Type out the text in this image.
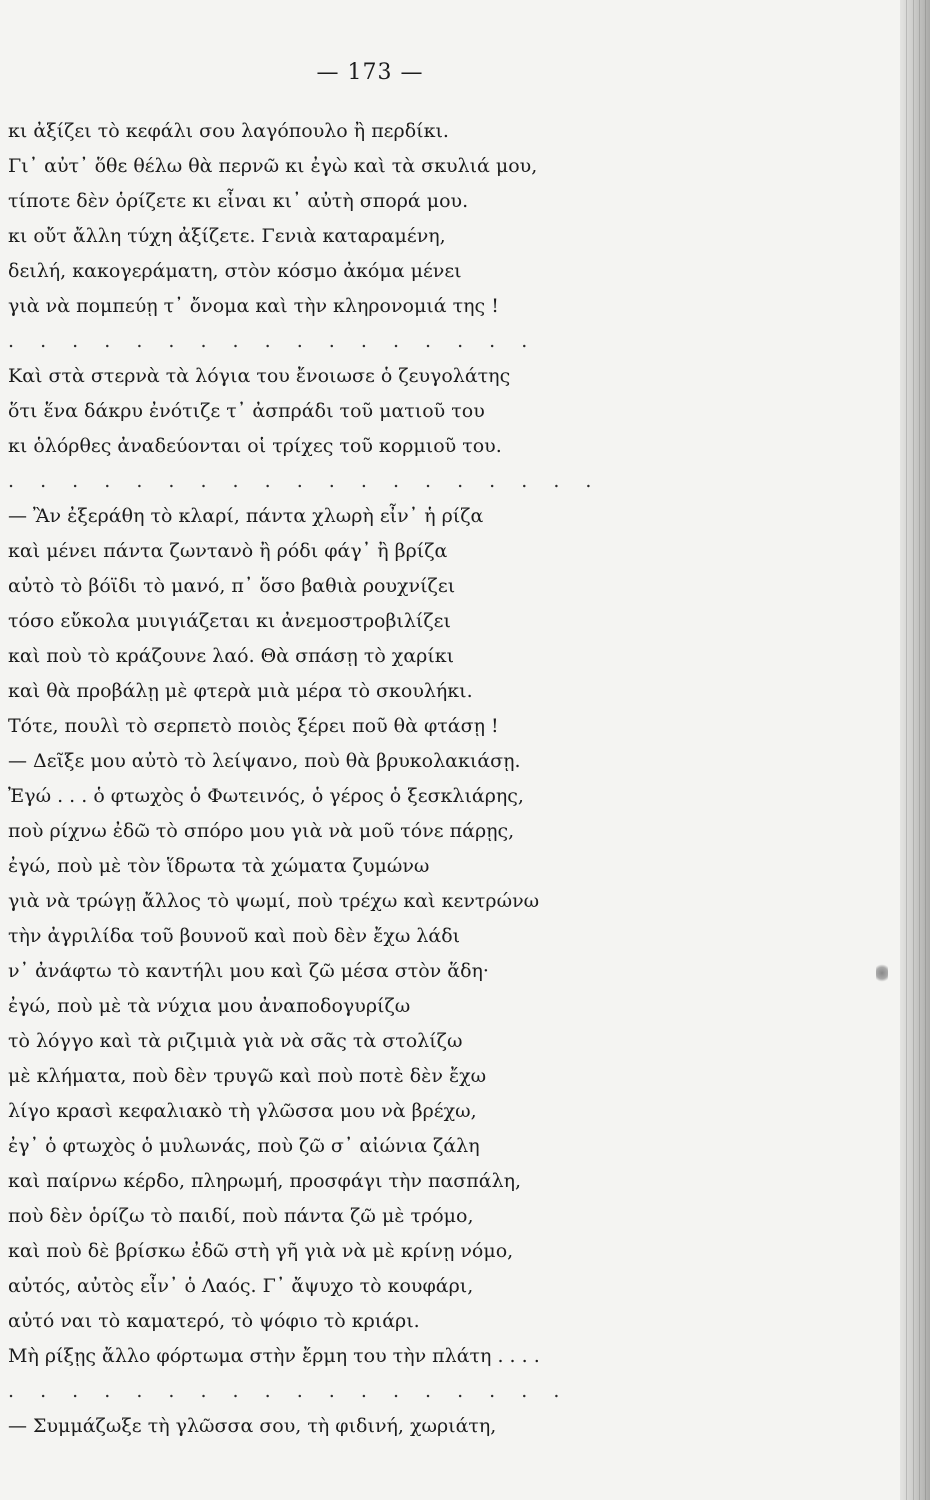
— 173 —
κι ἀξίζει τὸ κεφάλι σου λαγόπουλο ἢ περδίκι.
Γι᾿ αὐτ᾿ ὅθε θέλω θὰ περνῶ κι ἐγὼ καὶ τὰ σκυλιά μου,
τίποτε δὲν ὁρίζετε κι εἶναι κι᾿ αὐτὴ σπορά μου.
κι οὔτ ἄλλη τύχη ἀξίζετε. Γενιὰ καταραμένη,
δειλή, κακογεράματη, στὸν κόσμο ἀκόμα μένει
γιὰ νὰ πομπεύῃ τ᾿ ὄνομα καὶ τὴν κληρονομιά της !
. . . . . . . . . . . . . . . . .
Καὶ στὰ στερνὰ τὰ λόγια του ἔνοιωσε ὁ ζευγολάτης
ὅτι ἕνα δάκρυ ἐνότιζε τ᾿ ἀσπράδι τοῦ ματιοῦ του
κι ὁλόρθες ἀναδεύονται οἱ τρίχες τοῦ κορμιοῦ του.
. . . . . . . . . . . . . . . . . . .
— Ἂν ἐξεράθη τὸ κλαρί, πάντα χλωρὴ εἶν᾿ ἡ ρίζα
καὶ μένει πάντα ζωντανὸ ἢ ρόδι φάγ᾿ ἢ βρίζα
αὐτὸ τὸ βόϊδι τὸ μανό, π᾿ ὅσο βαθιὰ ρουχνίζει
τόσο εὔκολα μυιγιάζεται κι ἀνεμοστροβιλίζει
καὶ ποὺ τὸ κράζουνε λαό. Θὰ σπάσῃ τὸ χαρίκι
καὶ θὰ προβάλῃ μὲ φτερὰ μιὰ μέρα τὸ σκουλήκι.
Τότε, πουλὶ τὸ σερπετὸ ποιὸς ξέρει ποῦ θὰ φτάσῃ !
— Δεῖξε μου αὐτὸ τὸ λείψανο, ποὺ θὰ βρυκολακιάσῃ.
Ἐγώ . . . ὁ φτωχὸς ὁ Φωτεινός, ὁ γέρος ὁ ξεσκλιάρης,
ποὺ ρίχνω ἐδῶ τὸ σπόρο μου γιὰ νὰ μοῦ τόνε πάρῃς,
ἐγώ, ποὺ μὲ τὸν ἵδρωτα τὰ χώματα ζυμώνω
γιὰ νὰ τρώγῃ ἄλλος τὸ ψωμί, ποὺ τρέχω καὶ κεντρώνω
τὴν ἀγριλίδα τοῦ βουνοῦ καὶ ποὺ δὲν ἔχω λάδι
ν᾿ ἀνάφτω τὸ καντήλι μου καὶ ζῶ μέσα στὸν ἅδη·
ἐγώ, ποὺ μὲ τὰ νύχια μου ἀναποδογυρίζω
τὸ λόγγο καὶ τὰ ριζιμιὰ γιὰ νὰ σᾶς τὰ στολίζω
μὲ κλήματα, ποὺ δὲν τρυγῶ καὶ ποὺ ποτὲ δὲν ἔχω
λίγο κρασὶ κεφαλιακὸ τὴ γλῶσσα μου νὰ βρέχω,
ἐγ᾿ ὁ φτωχὸς ὁ μυλωνάς, ποὺ ζῶ σ᾿ αἰώνια ζάλη
καὶ παίρνω κέρδο, πληρωμή, προσφάγι τὴν πασπάλη,
ποὺ δὲν ὁρίζω τὸ παιδί, ποὺ πάντα ζῶ μὲ τρόμο,
καὶ ποὺ δὲ βρίσκω ἐδῶ στὴ γῆ γιὰ νὰ μὲ κρίνῃ νόμο,
αὐτός, αὐτὸς εἶν᾿ ὁ Λαός. Γ᾿ ἄψυχο τὸ κουφάρι,
αὐτό ναι τὸ καματερό, τὸ ψόφιο τὸ κριάρι.
Μὴ ρίξῃς ἄλλο φόρτωμα στὴν ἔρμη του τὴν πλάτη . . . .
. . . . . . . . . . . . . . . . . .
— Συμμάζωξε τὴ γλῶσσα σου, τὴ φιδινή, χωριάτη,
